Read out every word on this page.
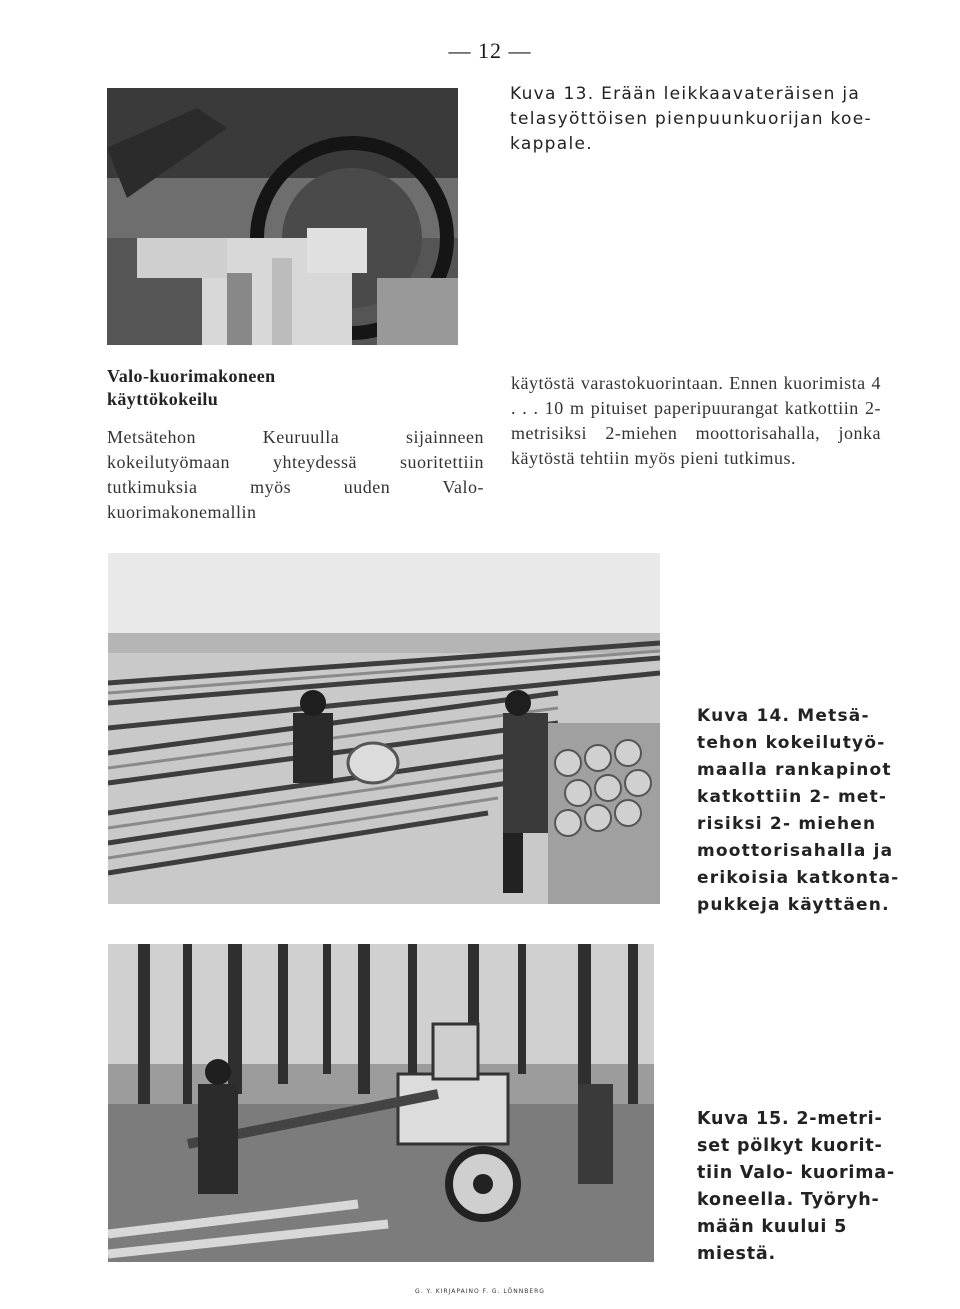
— 12 —
Kuva 13. Erään leikkaavateräisen ja telasyöttöisen pienpuunkuorijan koe- kappale.
Valo-kuorimakoneen
käyttökokeilu
Metsätehon Keuruulla sijainneen kokeilutyömaan yhteydessä suoritettiin tutkimuksia myös uuden Valo-kuorimakonemallin
käytöstä varastokuorintaan. Ennen kuorimista 4 . . . 10 m pituiset paperipuurangat katkottiin 2-metrisiksi 2-miehen moottorisahalla, jonka käytöstä tehtiin myös pieni tutkimus.
Kuva 14. Metsä- tehon kokeilutyö- maalla rankapinot katkottiin 2- met- risiksi 2- miehen moottorisahalla ja erikoisia katkonta- pukkeja käyttäen.
Kuva 15. 2-metri- set pölkyt kuorit- tiin Valo- kuorima- koneella. Työryh- mään kuului 5 miestä.
G. Y. KIRJAPAINO F. G. LÖNNBERG
